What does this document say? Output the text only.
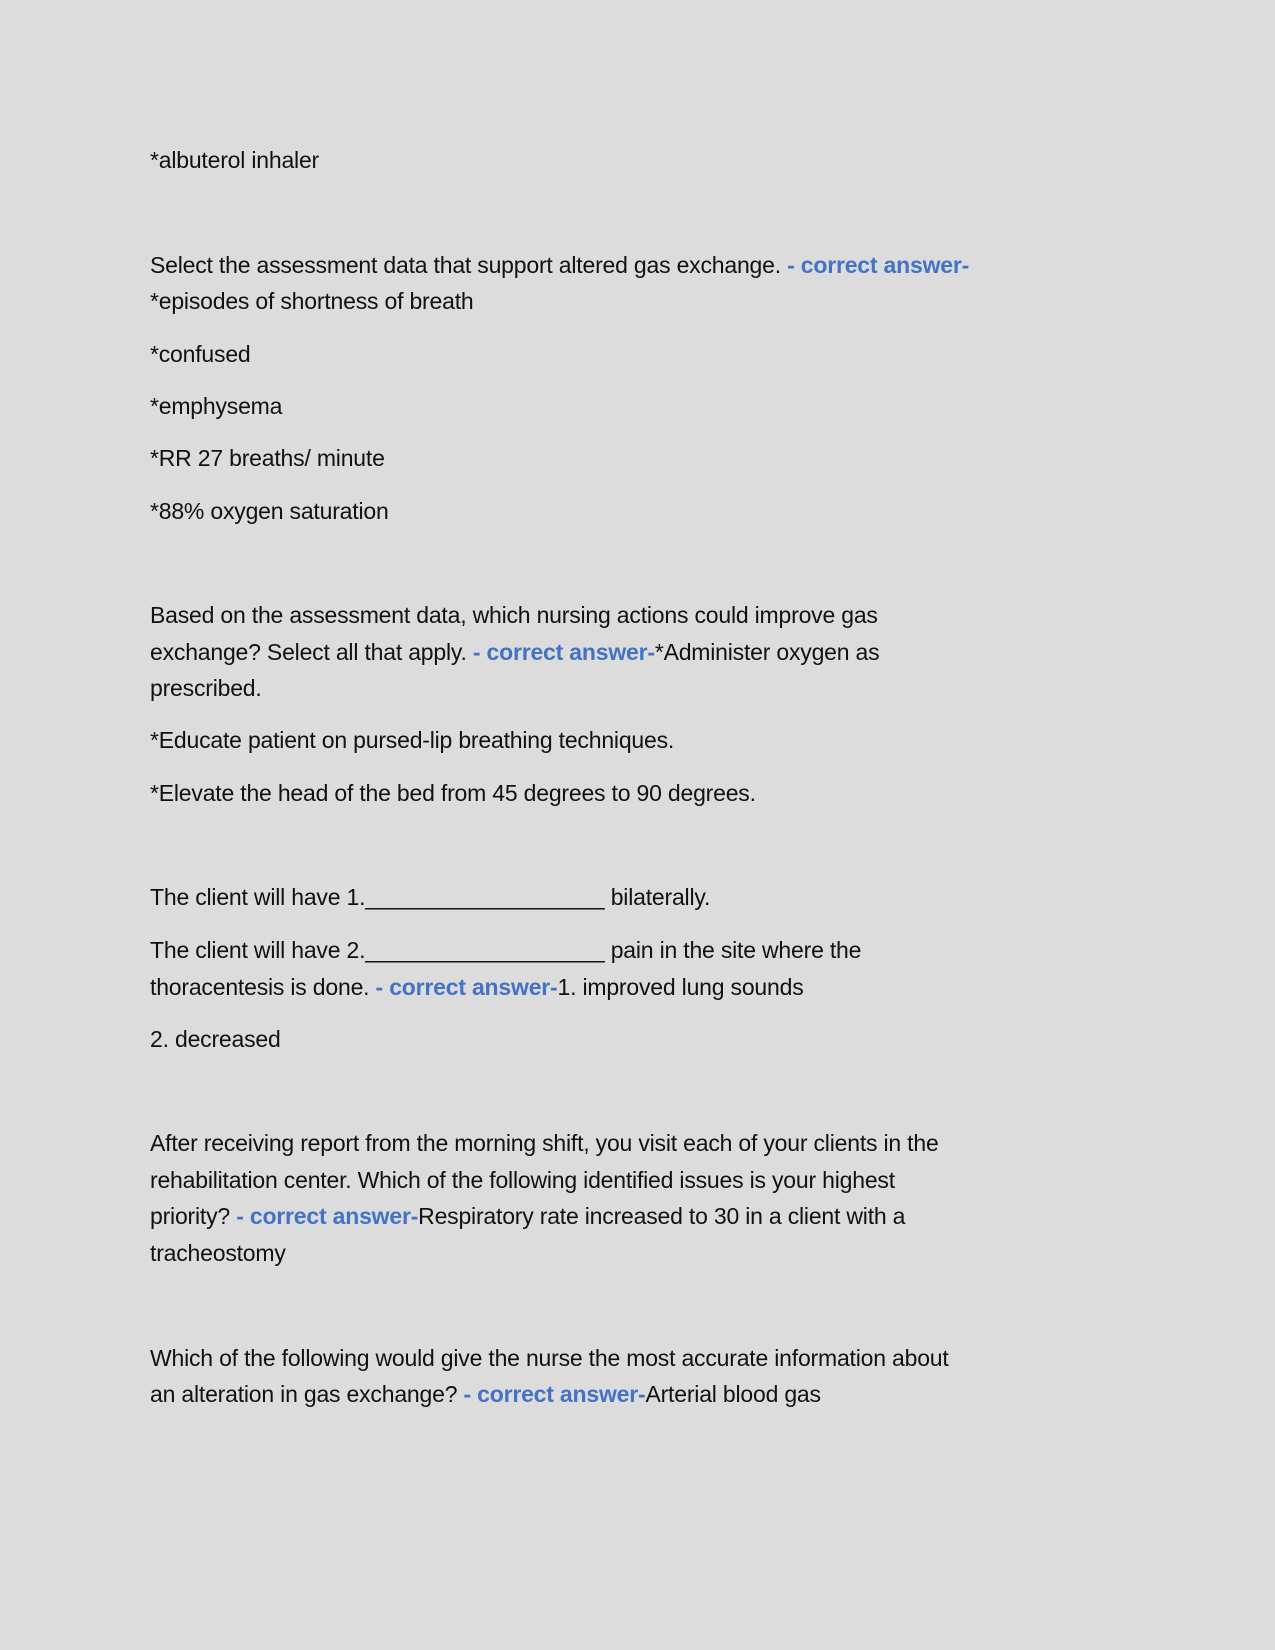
*albuterol inhaler
Select the assessment data that support altered gas exchange. - correct answer-
*episodes of shortness of breath
*confused
*emphysema
*RR 27 breaths/ minute
*88% oxygen saturation
Based on the assessment data, which nursing actions could improve gas
exchange? Select all that apply. - correct answer-*Administer oxygen as
prescribed.
*Educate patient on pursed-lip breathing techniques.
*Elevate the head of the bed from 45 degrees to 90 degrees.
The client will have 1.___________________ bilaterally.
The client will have 2.___________________ pain in the site where the
thoracentesis is done. - correct answer-1. improved lung sounds
2. decreased
After receiving report from the morning shift, you visit each of your clients in the
rehabilitation center. Which of the following identified issues is your highest
priority? - correct answer-Respiratory rate increased to 30 in a client with a
tracheostomy
Which of the following would give the nurse the most accurate information about
an alteration in gas exchange? - correct answer-Arterial blood gas
